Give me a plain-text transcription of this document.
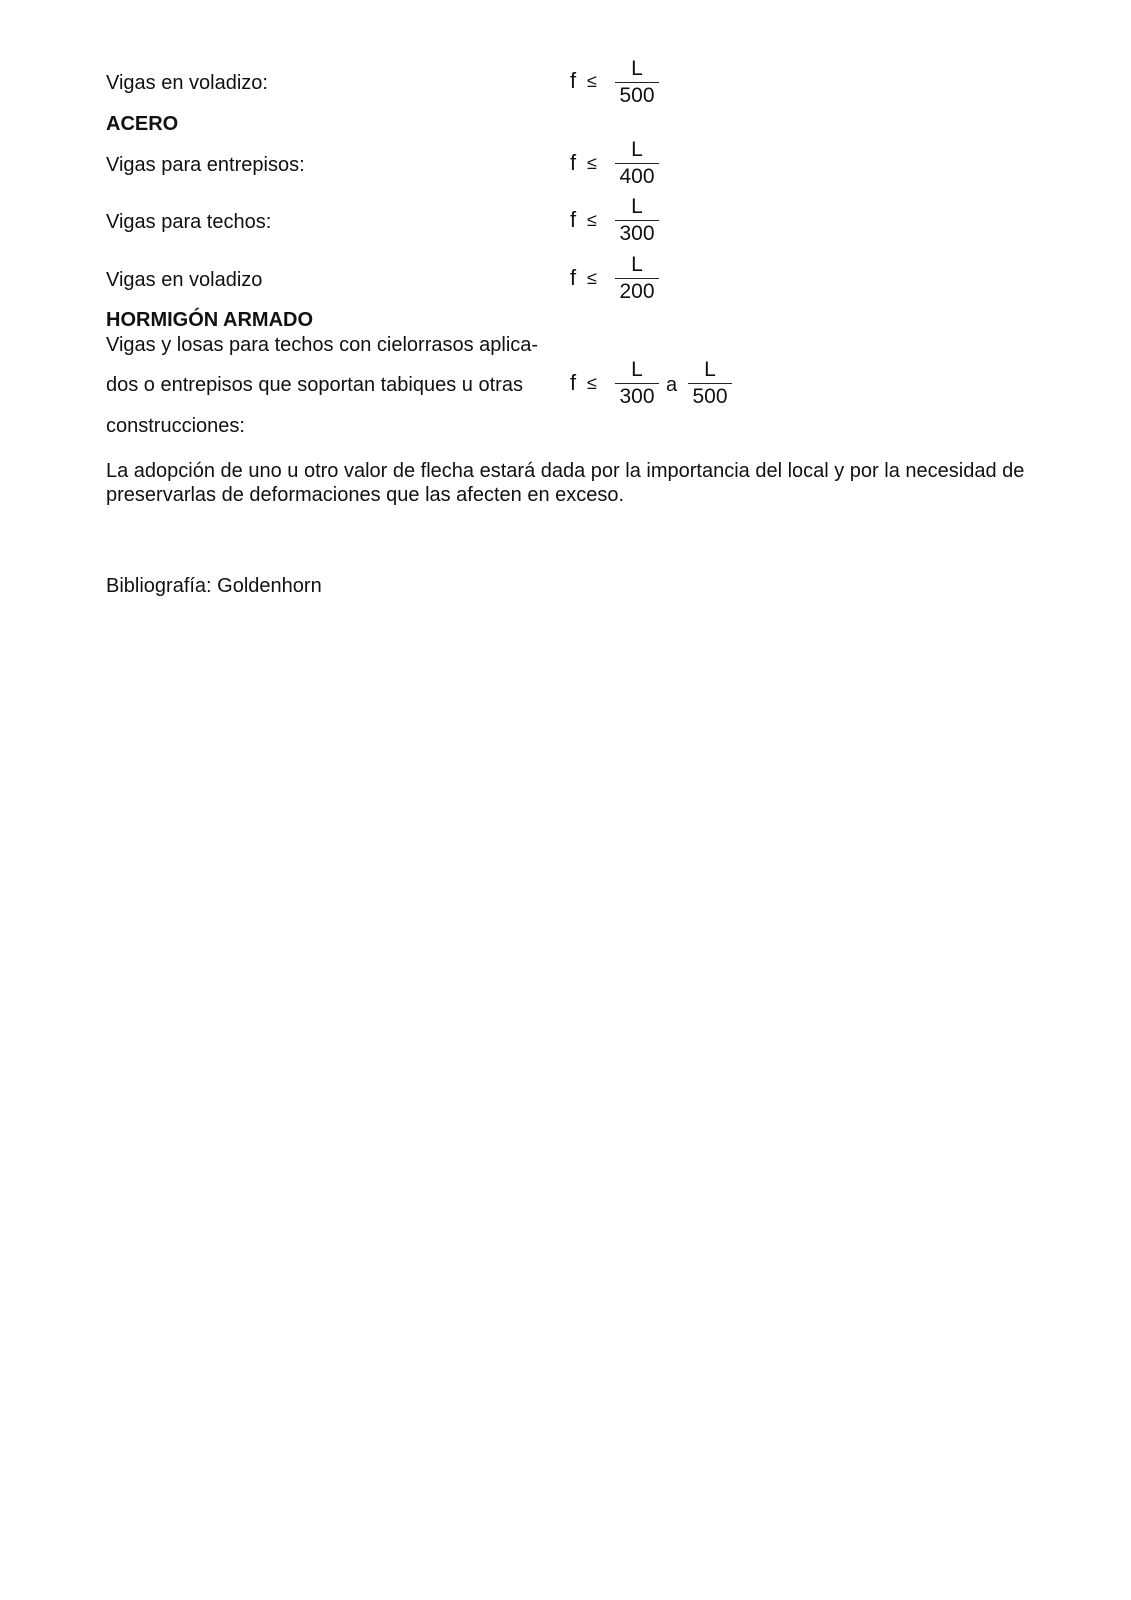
Vigas en voladizo:	f ≤
L
500
ACERO
Vigas para entrepisos:	f ≤
L
400
Vigas para techos:	f ≤
L
300
Vigas en voladizo	f ≤
L
200
HORMIGÓN ARMADO
Vigas y losas para techos con cielorrasos aplica-
dos o entrepisos que soportan tabiques u otras
construcciones:
f ≤
L
300 a
L
500
La adopción de uno u otro valor de flecha estará dada por la importancia del local y por la necesidad de preservarlas de deformaciones que las afecten en exceso.
Bibliografía: Goldenhorn
